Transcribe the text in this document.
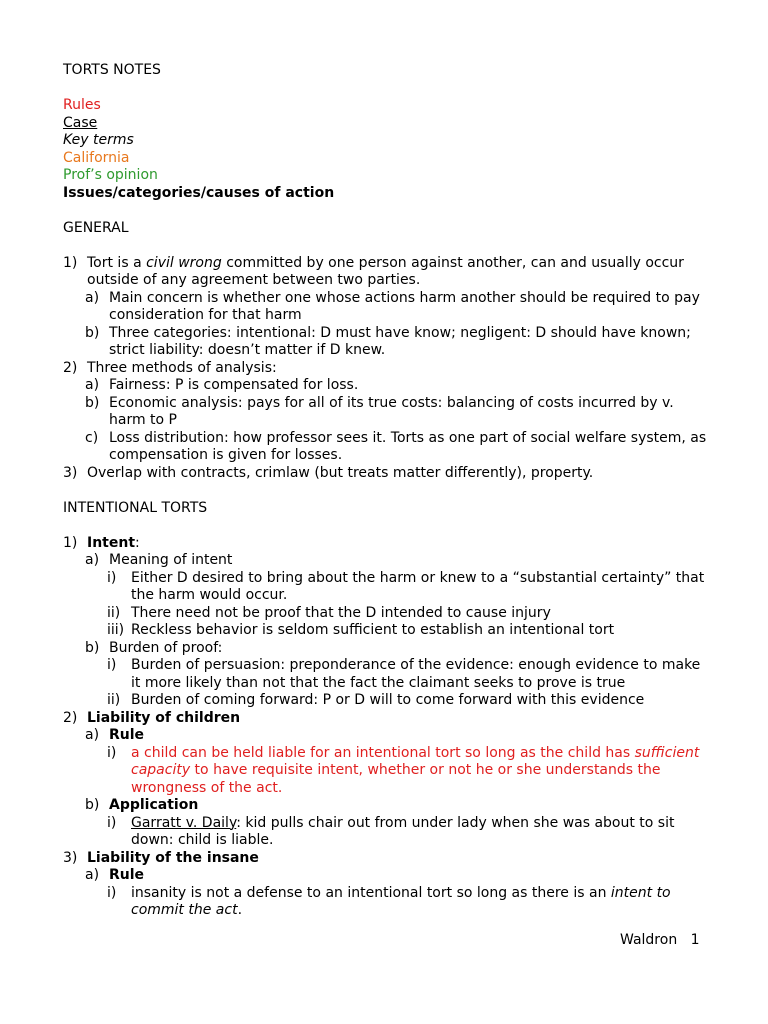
TORTS NOTES
Rules
Case
Key terms
California
Prof’s opinion
Issues/categories/causes of action
GENERAL
1) Tort is a civil wrong committed by one person against another, can and usually occur outside of any agreement between two parties.
a) Main concern is whether one whose actions harm another should be required to pay consideration for that harm
b) Three categories: intentional: D must have know; negligent: D should have known; strict liability: doesn’t matter if D knew.
2) Three methods of analysis:
a) Fairness: P is compensated for loss.
b) Economic analysis: pays for all of its true costs: balancing of costs incurred by v. harm to P
c) Loss distribution: how professor sees it. Torts as one part of social welfare system, as compensation is given for losses.
3) Overlap with contracts, crimlaw (but treats matter differently), property.
INTENTIONAL TORTS
1) Intent:
a) Meaning of intent
i)	Either D desired to bring about the harm or knew to a “substantial certainty” that the harm would occur.
ii) There need not be proof that the D intended to cause injury
iii) Reckless behavior is seldom sufficient to establish an intentional tort
b) Burden of proof:
i)	Burden of persuasion: preponderance of the evidence: enough evidence to make it more likely than not that the fact the claimant seeks to prove is true
ii) Burden of coming forward: P or D will to come forward with this evidence
2) Liability of children
a) Rule
i)	a child can be held liable for an intentional tort so long as the child has sufficient capacity to have requisite intent, whether or not he or she understands the wrongness of the act.
b) Application
i)	Garratt v. Daily: kid pulls chair out from under lady when she was about to sit down: child is liable.
3) Liability of the insane
a) Rule
i)	insanity is not a defense to an intentional tort so long as there is an intent to commit the act.
Waldron 1
